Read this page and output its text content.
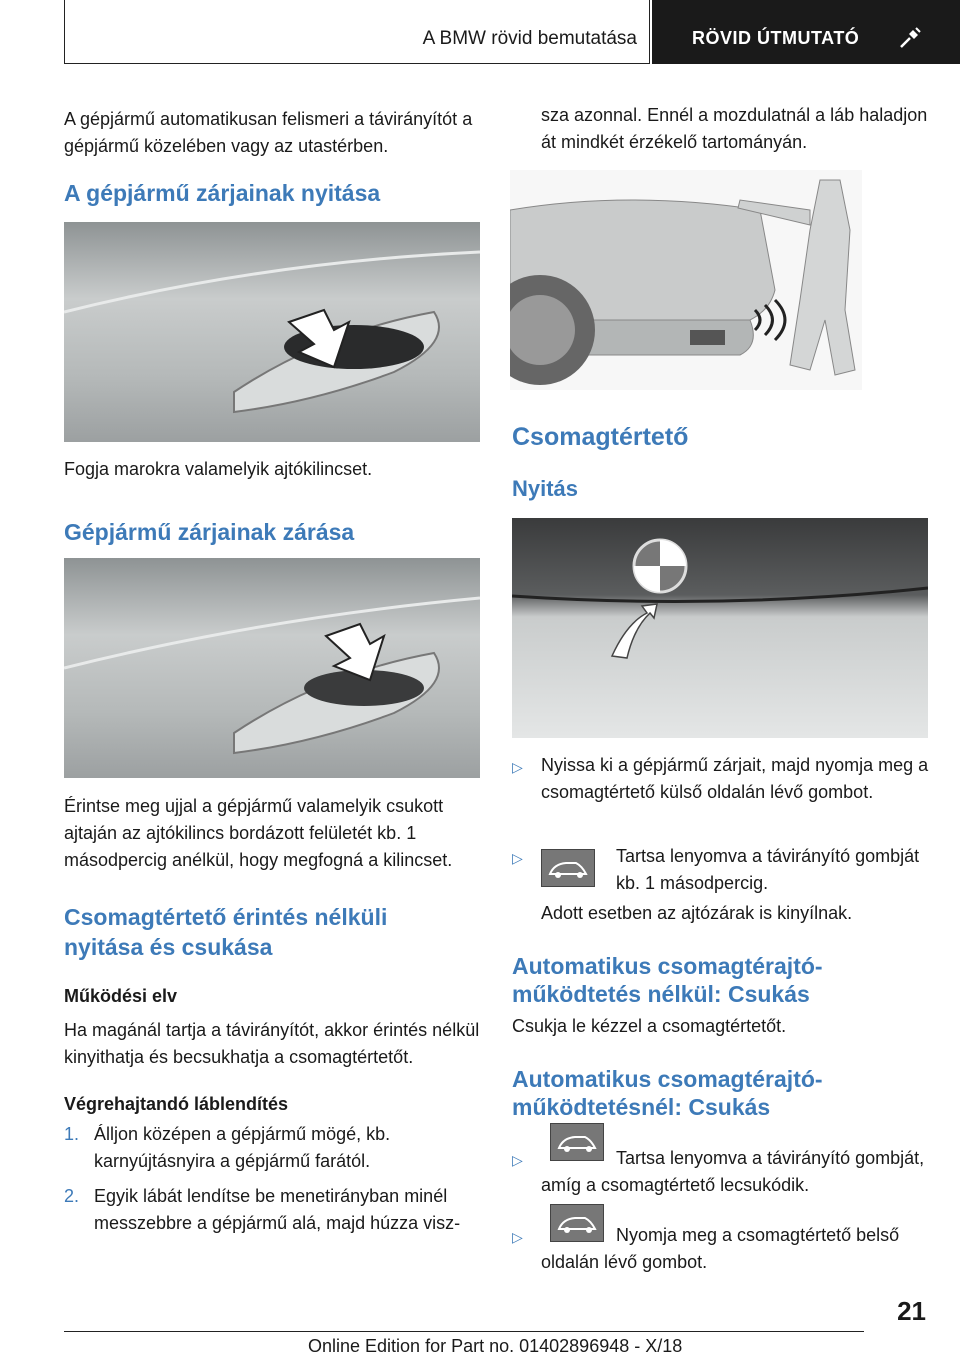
A BMW rövid bemutatása	RÖVID ÚTMUTATÓ

A gépjármű automatikusan felismeri a távirányítót a gépjármű közelében vagy az utastérben.

A gépjármű zárjainak nyitása

Fogja marokra valamelyik ajtókilincset.

Gépjármű zárjainak zárása

Érintse meg ujjal a gépjármű valamelyik csukott ajtaján az ajtókilincs bordázott felületét kb. 1 másodpercig anélkül, hogy megfogná a kilincset.

Csomagtértető érintés nélküli
nyitása és csukása
Működési elv

Ha magánál tartja a távirányítót, akkor érintés nélkül kinyithatja és becsukhatja a csomagtértetőt.

Végrehajtandó láblendítés
1. Álljon középen a gépjármű mögé, kb. karnyújtásnyira a gépjármű farától.
2. Egyik lábát lendítse be menetirányban minél messzebbre a gépjármű alá, majd húzza visz-

sza azonnal. Ennél a mozdulatnál a láb haladjon át mindkét érzékelő tartományán.

Csomagtértető
Nyitás
▷ Nyissa ki a gépjármű zárjait, majd nyomja meg a csomagtértető külső oldalán lévő gombot.
▷	Tartsa lenyomva a távirányító gombját kb. 1 másodpercig.

Adott esetben az ajtózárak is kinyílnak.

Automatikus csomagtérajtó-
működtetés nélkül: Csukás

Csukja le kézzel a csomagtértetőt.

Automatikus csomagtérajtó-
működtetésnél: Csukás
▷	Tartsa lenyomva a távirányító gombját, amíg a csomagtértető lecsukódik.
▷	Nyomja meg a csomagtértető belső oldalán lévő gombot.
21
Online Edition for Part no. 01402896948 - X/18
